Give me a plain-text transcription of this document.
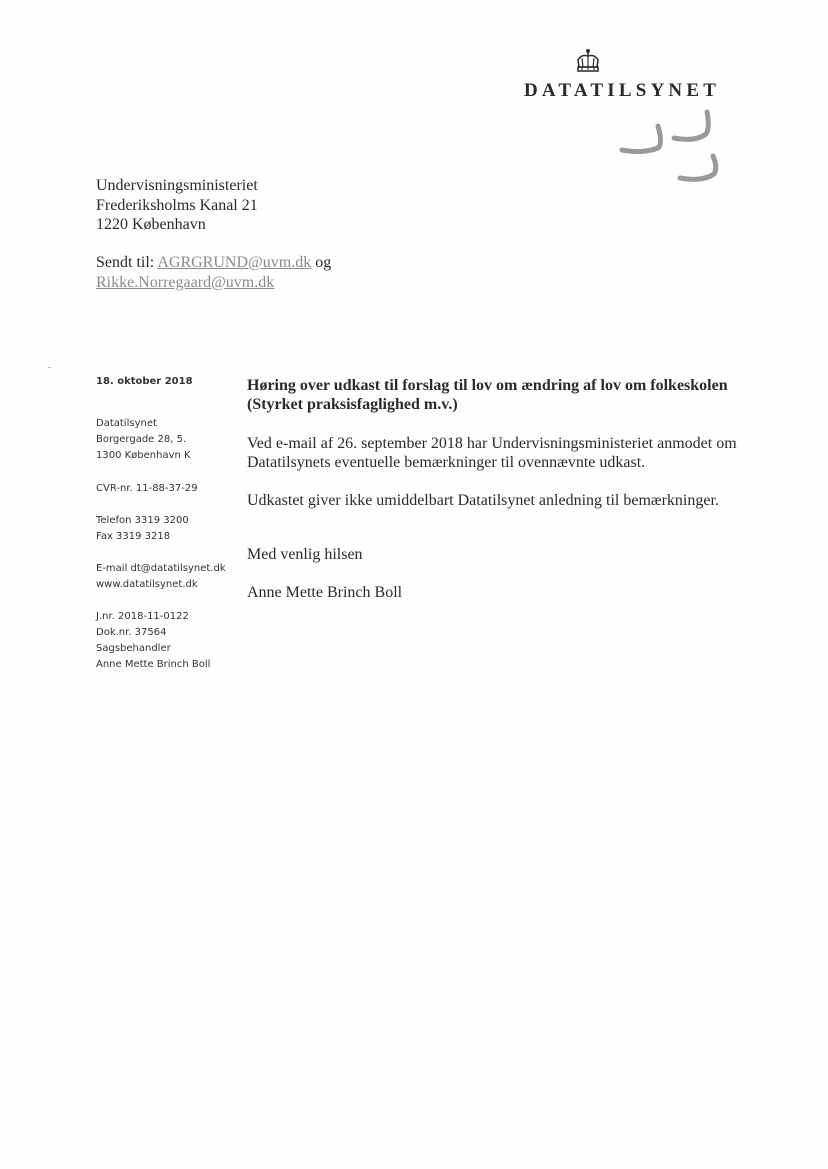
DATATILSYNET
Undervisningsministeriet
Frederiksholms Kanal 21
1220 København
Sendt til: AGRGRUND@uvm.dk og
Rikke.Norregaard@uvm.dk
18. oktober 2018
Datatilsynet
Borgergade 28, 5.
1300 København K
CVR-nr. 11-88-37-29
Telefon 3319 3200
Fax 3319 3218
E-mail dt@datatilsynet.dk
www.datatilsynet.dk
J.nr. 2018-11-0122
Dok.nr. 37564
Sagsbehandler
Anne Mette Brinch Boll
Høring over udkast til forslag til lov om ændring af lov om folkeskolen
(Styrket praksisfaglighed m.v.)
Ved e-mail af 26. september 2018 har Undervisningsministeriet anmodet om
Datatilsynets eventuelle bemærkninger til ovennævnte udkast.
Udkastet giver ikke umiddelbart Datatilsynet anledning til bemærkninger.
Med venlig hilsen
Anne Mette Brinch Boll
